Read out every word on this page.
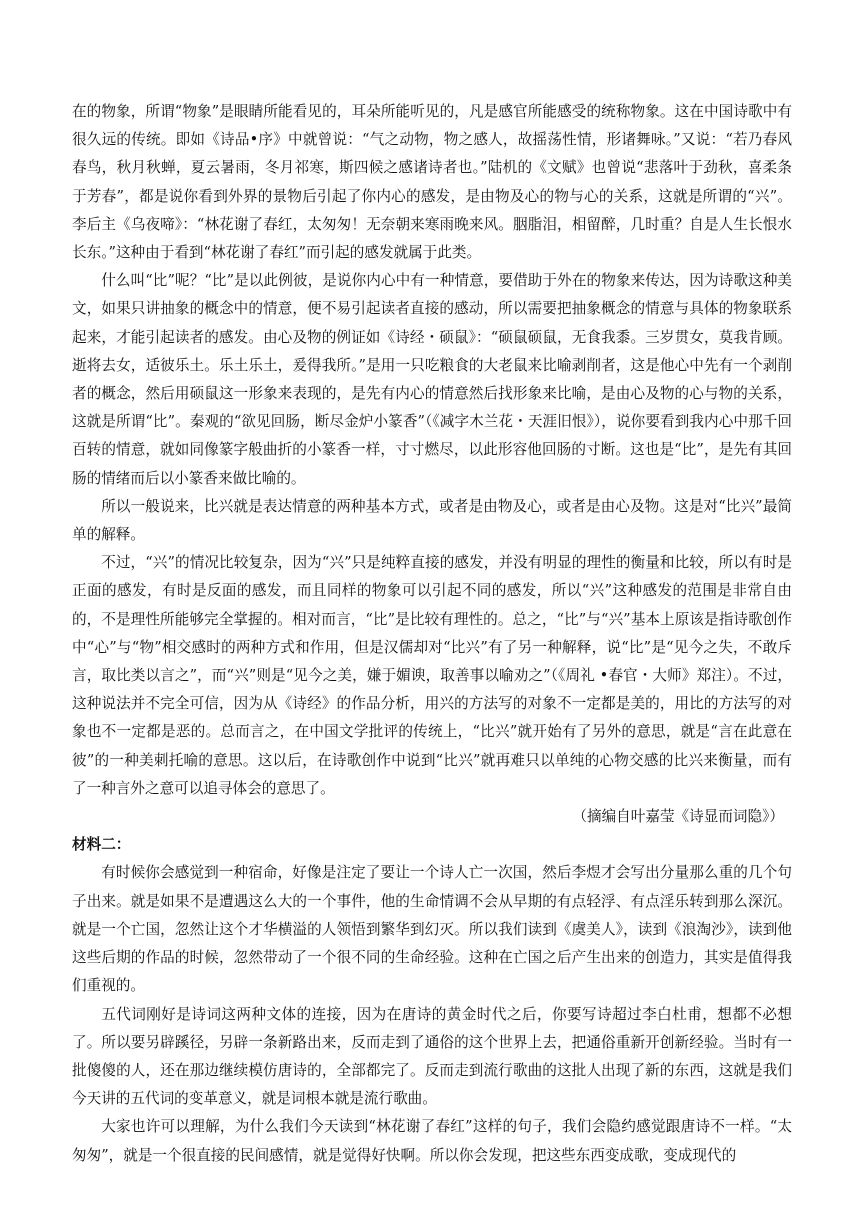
在的物象，所谓“物象”是眼睛所能看见的，耳朵所能听见的，凡是感官所能感受的统称物象。这在中国诗歌中有很久远的传统。即如《诗品•序》中就曾说：“气之动物，物之感人，故摇荡性情，形诸舞咏。”又说：“若乃春风春鸟，秋月秋蝉，夏云暑雨，冬月祁寒，斯四候之感诸诗者也。”陆机的《文赋》也曾说“悲落叶于劲秋，喜柔条于芳春”，都是说你看到外界的景物后引起了你内心的感发，是由物及心的物与心的关系，这就是所谓的“兴”。李后主《乌夜啼》：“林花谢了春红，太匆匆！无奈朝来寒雨晚来风。胭脂泪，相留醉，几时重？自是人生长恨水长东。”这种由于看到“林花谢了春红”而引起的感发就属于此类。

什么叫“比”呢？“比”是以此例彼，是说你内心中有一种情意，要借助于外在的物象来传达，因为诗歌这种美文，如果只讲抽象的概念中的情意，便不易引起读者直接的感动，所以需要把抽象概念的情意与具体的物象联系起来，才能引起读者的感发。由心及物的例证如《诗经・硕鼠》：“硕鼠硕鼠，无食我黍。三岁贯女，莫我肯顾。逝将去女，适彼乐土。乐土乐土，爰得我所。”是用一只吃粮食的大老鼠来比喻剥削者，这是他心中先有一个剥削者的概念，然后用硕鼠这一形象来表现的，是先有内心的情意然后找形象来比喻，是由心及物的心与物的关系，这就是所谓“比”。秦观的“欲见回肠，断尽金炉小篆香”（《减字木兰花・天涯旧恨》），说你要看到我内心中那千回百转的情意，就如同像篆字般曲折的小篆香一样，寸寸燃尽，以此形容他回肠的寸断。这也是“比”，是先有其回肠的情绪而后以小篆香来做比喻的。

所以一般说来，比兴就是表达情意的两种基本方式，或者是由物及心，或者是由心及物。这是对“比兴”最简单的解释。

不过，“兴”的情况比较复杂，因为“兴”只是纯粹直接的感发，并没有明显的理性的衡量和比较，所以有时是正面的感发，有时是反面的感发，而且同样的物象可以引起不同的感发，所以“兴”这种感发的范围是非常自由的，不是理性所能够完全掌握的。相对而言，“比”是比较有理性的。总之，“比”与“兴”基本上原该是指诗歌创作中“心”与“物”相交感时的两种方式和作用，但是汉儒却对“比兴”有了另一种解释，说“比”是“见今之失，不敢斥言，取比类以言之”，而“兴”则是“见今之美，嫌于媚谀，取善事以喻劝之”（《周礼 •春官・大师》郑注）。不过，这种说法并不完全可信，因为从《诗经》的作品分析，用兴的方法写的对象不一定都是美的，用比的方法写的对象也不一定都是恶的。总而言之，在中国文学批评的传统上，“比兴”就开始有了另外的意思，就是“言在此意在彼”的一种美刺托喻的意思。这以后，在诗歌创作中说到“比兴”就再难只以单纯的心物交感的比兴来衡量，而有了一种言外之意可以追寻体会的意思了。

（摘编自叶嘉莹《诗显而词隐》）

材料二：

有时候你会感觉到一种宿命，好像是注定了要让一个诗人亡一次国，然后李煜才会写出分量那么重的几个句子出来。就是如果不是遭遇这么大的一个事件，他的生命情调不会从早期的有点轻浮、有点淫乐转到那么深沉。就是一个亡国，忽然让这个才华横溢的人领悟到繁华到幻灭。所以我们读到《虞美人》，读到《浪淘沙》，读到他这些后期的作品的时候，忽然带动了一个很不同的生命经验。这种在亡国之后产生出来的创造力，其实是值得我们重视的。

五代词刚好是诗词这两种文体的连接，因为在唐诗的黄金时代之后，你要写诗超过李白杜甫，想都不必想了。所以要另辟蹊径，另辟一条新路出来，反而走到了通俗的这个世界上去，把通俗重新开创新经验。当时有一批傻傻的人，还在那边继续模仿唐诗的，全部都完了。反而走到流行歌曲的这批人出现了新的东西，这就是我们今天讲的五代词的变革意义，就是词根本就是流行歌曲。

大家也许可以理解，为什么我们今天读到“林花谢了春红”这样的句子，我们会隐约感觉跟唐诗不一样。“太匆匆”，就是一个很直接的民间感情，就是觉得好快啊。所以你会发现，把这些东西变成歌，变成现代的
